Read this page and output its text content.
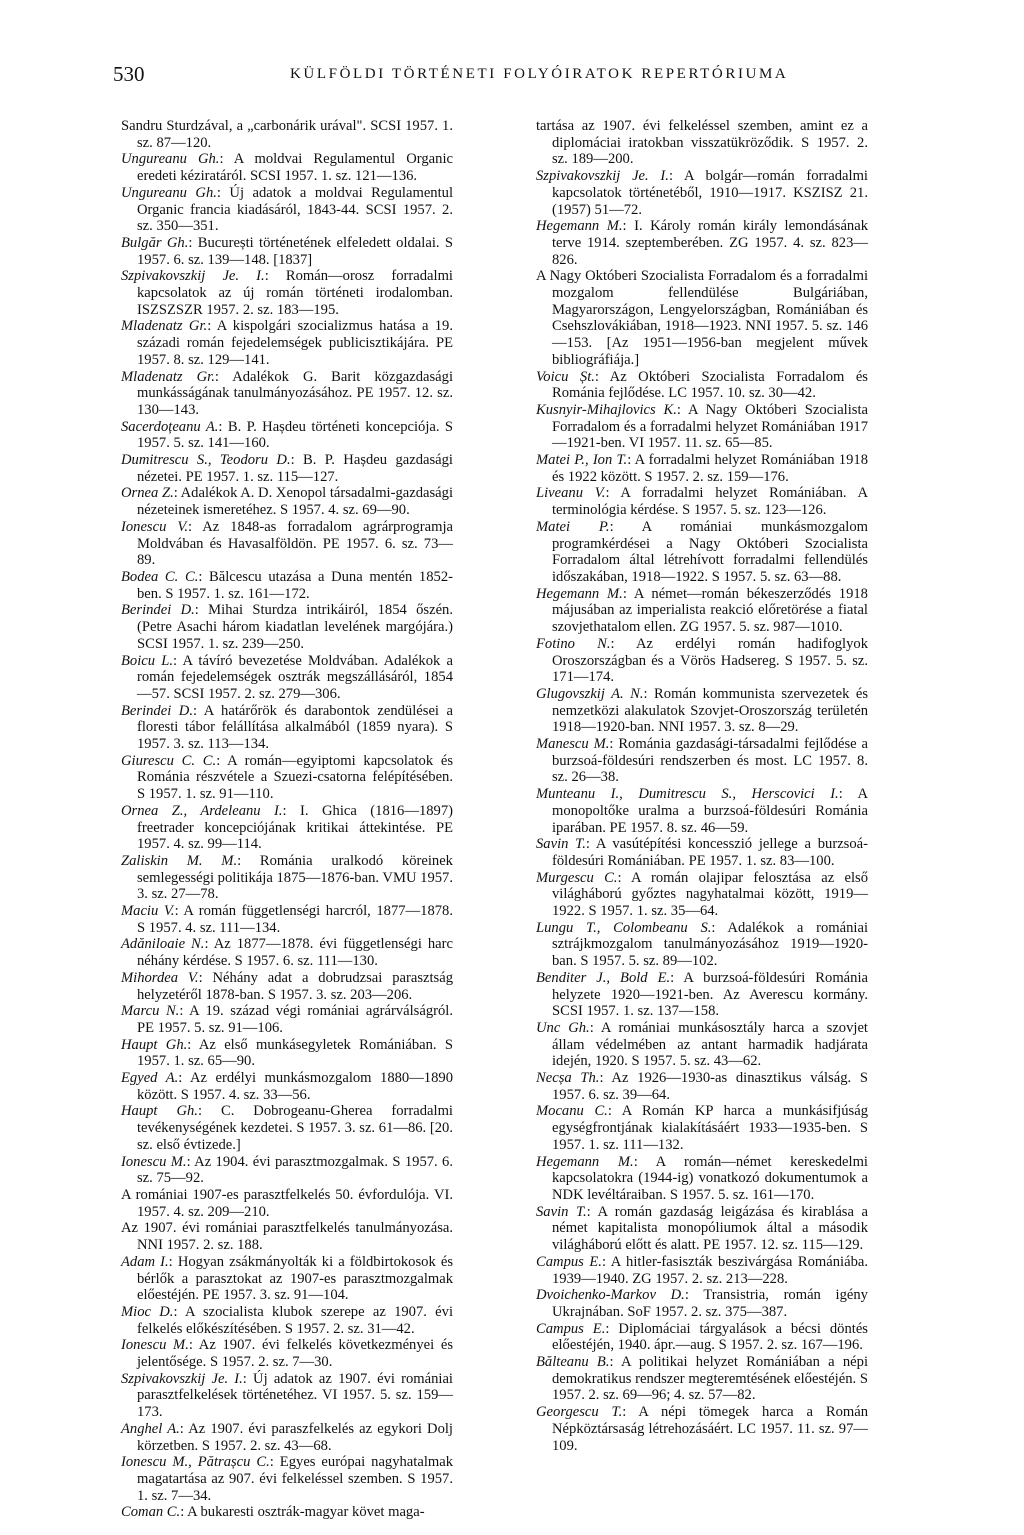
530	KÜLFÖLDI TÖRTÉNETI FOLYÓIRATOK REPERTÓRIUMA

Sandru Sturdzával, a „carbonárik urával". SCSI 1957. 1. sz. 87—120.

Ungureanu Gh.: A moldvai Regulamentul Organic eredeti kéziratáról. SCSI 1957. 1. sz. 121—136.

Ungureanu Gh.: Új adatok a moldvai Regulamentul Organic francia kiadásáról, 1843-44. SCSI 1957. 2. sz. 350—351.

Bulgăr Gh.: București történetének elfeledett oldalai. S 1957. 6. sz. 139—148. [1837]

Szpivakovszkij Je. I.: Román—orosz forradalmi kapcsolatok az új román történeti irodalomban. ISZSZSZR 1957. 2. sz. 183—195.

Mladenatz Gr.: A kispolgári szocializmus hatása a 19. századi román fejedelemségek publicisztikájára. PE 1957. 8. sz. 129—141.

Mladenatz Gr.: Adalékok G. Barit közgazdasági munkásságának tanulmányozásához. PE 1957. 12. sz. 130—143.

Sacerdoțeanu A.: B. P. Hașdeu történeti koncepciója. S 1957. 5. sz. 141—160.

Dumitrescu S., Teodoru D.: B. P. Hașdeu gazdasági nézetei. PE 1957. 1. sz. 115—127.

Ornea Z.: Adalékok A. D. Xenopol társadalmi-gazdasági nézeteinek ismeretéhez. S 1957. 4. sz. 69—90.

Ionescu V.: Az 1848-as forradalom agrárprogramja Moldvában és Havasalföldön. PE 1957. 6. sz. 73—89.

Bodea C. C.: Bălcescu utazása a Duna mentén 1852-ben. S 1957. 1. sz. 161—172.

Berindei D.: Mihai Sturdza intrikáiról, 1854 őszén. (Petre Asachi három kiadatlan levelének margójára.) SCSI 1957. 1. sz. 239—250.

Boicu L.: A távíró bevezetése Moldvában. Adalékok a román fejedelemségek osztrák megszállásáról, 1854—57. SCSI 1957. 2. sz. 279—306.

Berindei D.: A határőrök és darabontok zendülései a floresti tábor felállítása alkalmából (1859 nyara). S 1957. 3. sz. 113—134.

Giurescu C. C.: A román—egyiptomi kapcsolatok és Románia részvétele a Szuezi-csatorna felépítésében. S 1957. 1. sz. 91—110.

Ornea Z., Ardeleanu I.: I. Ghica (1816—1897) freetrader koncepciójának kritikai áttekintése. PE 1957. 4. sz. 99—114.

Zaliskin M. M.: Románia uralkodó köreinek semlegességi politikája 1875—1876-ban. VMU 1957. 3. sz. 27—78.

Maciu V.: A román függetlenségi harcról, 1877—1878. S 1957. 4. sz. 111—134.

Adăniloaie N.: Az 1877—1878. évi függetlenségi harc néhány kérdése. S 1957. 6. sz. 111—130.

Mihordea V.: Néhány adat a dobrudzsai parasztság helyzetéről 1878-ban. S 1957. 3. sz. 203—206.

Marcu N.: A 19. század végi romániai agrárválságról. PE 1957. 5. sz. 91—106.

Haupt Gh.: Az első munkásegyletek Romániában. S 1957. 1. sz. 65—90.

Egyed A.: Az erdélyi munkásmozgalom 1880—1890 között. S 1957. 4. sz. 33—56.

Haupt Gh.: C. Dobrogeanu-Gherea forradalmi tevékenységének kezdetei. S 1957. 3. sz. 61—86. [20. sz. első évtizede.]

Ionescu M.: Az 1904. évi parasztmozgalmak. S 1957. 6. sz. 75—92.

A romániai 1907-es parasztfelkelés 50. évfordulója. VI. 1957. 4. sz. 209—210.

Az 1907. évi romániai parasztfelkelés tanulmányozása. NNI 1957. 2. sz. 188.

Adam I.: Hogyan zsákmányolták ki a földbirtokosok és bérlők a parasztokat az 1907-es parasztmozgalmak előestéjén. PE 1957. 3. sz. 91—104.

Mioc D.: A szocialista klubok szerepe az 1907. évi felkelés előkészítésében. S 1957. 2. sz. 31—42.

Ionescu M.: Az 1907. évi felkelés következményei és jelentősége. S 1957. 2. sz. 7—30.

Szpivakovszkij Je. I.: Új adatok az 1907. évi romániai parasztfelkelések történetéhez. VI 1957. 5. sz. 159—173.

Anghel A.: Az 1907. évi paraszfelkelés az egykori Dolj körzetben. S 1957. 2. sz. 43—68.

Ionescu M., Pătrașcu C.: Egyes európai nagyhatalmak magatartása az 907. évi felkeléssel szemben. S 1957. 1. sz. 7—34.

Coman C.: A bukaresti osztrák-magyar követ maga-

tartása az 1907. évi felkeléssel szemben, amint ez a diplomáciai iratokban visszatükröződik. S 1957. 2. sz. 189—200.

Szpivakovszkij Je. I.: A bolgár—román forradalmi kapcsolatok történetéből, 1910—1917. KSZISZ 21. (1957) 51—72.

Hegemann M.: I. Károly román király lemondásának terve 1914. szeptemberében. ZG 1957. 4. sz. 823—826.

A Nagy Októberi Szocialista Forradalom és a forradalmi mozgalom fellendülése Bulgáriában, Magyarországon, Lengyelországban, Romániában és Csehszlovákiában, 1918—1923. NNI 1957. 5. sz. 146—153. [Az 1951—1956-ban megjelent művek bibliográfiája.]

Voicu Șt.: Az Októberi Szocialista Forradalom és Románia fejlődése. LC 1957. 10. sz. 30—42.

Kusnyir-Mihajlovics K.: A Nagy Októberi Szocialista Forradalom és a forradalmi helyzet Romániában 1917—1921-ben. VI 1957. 11. sz. 65—85.

Matei P., Ion T.: A forradalmi helyzet Romániában 1918 és 1922 között. S 1957. 2. sz. 159—176.

Liveanu V.: A forradalmi helyzet Romániában. A terminológia kérdése. S 1957. 5. sz. 123—126.

Matei P.: A romániai munkásmozgalom programkérdései a Nagy Októberi Szocialista Forradalom által létrehívott forradalmi fellendülés időszakában, 1918—1922. S 1957. 5. sz. 63—88.

Hegemann M.: A német—román békeszerződés 1918 májusában az imperialista reakció előretörése a fiatal szovjethatalom ellen. ZG 1957. 5. sz. 987—1010.

Fotino N.: Az erdélyi román hadifoglyok Oroszországban és a Vörös Hadsereg. S 1957. 5. sz. 171—174.

Glugovszkij A. N.: Román kommunista szervezetek és nemzetközi alakulatok Szovjet-Oroszország területén 1918—1920-ban. NNI 1957. 3. sz. 8—29.

Manescu M.: Románia gazdasági-társadalmi fejlődése a burzsoá-földesúri rendszerben és most. LC 1957. 8. sz. 26—38.

Munteanu I., Dumitrescu S., Herscovici I.: A monopoltőke uralma a burzsoá-földesúri Románia iparában. PE 1957. 8. sz. 46—59.

Savin T.: A vasútépítési koncesszió jellege a burzsoá-földesúri Romániában. PE 1957. 1. sz. 83—100.

Murgescu C.: A román olajipar felosztása az első világháború győztes nagyhatalmai között, 1919—1922. S 1957. 1. sz. 35—64.

Lungu T., Colombeanu S.: Adalékok a romániai sztrájkmozgalom tanulmányozásához 1919—1920-ban. S 1957. 5. sz. 89—102.

Benditer J., Bold E.: A burzsoá-földesúri Románia helyzete 1920—1921-ben. Az Averescu kormány. SCSI 1957. 1. sz. 137—158.

Unc Gh.: A romániai munkásosztály harca a szovjet állam védelmében az antant harmadik hadjárata idején, 1920. S 1957. 5. sz. 43—62.

Necșa Th.: Az 1926—1930-as dinasztikus válság. S 1957. 6. sz. 39—64.

Mocanu C.: A Román KP harca a munkásifjúság egységfrontjának kialakításáért 1933—1935-ben. S 1957. 1. sz. 111—132.

Hegemann M.: A román—német kereskedelmi kapcsolatokra (1944-ig) vonatkozó dokumentumok a NDK levéltáraiban. S 1957. 5. sz. 161—170.

Savin T.: A román gazdaság leigázása és kirablása a német kapitalista monopóliumok által a második világháború előtt és alatt. PE 1957. 12. sz. 115—129.

Campus E.: A hitler-fasiszták beszivárgása Romániába. 1939—1940. ZG 1957. 2. sz. 213—228.

Dvoichenko-Markov D.: Transistria, román igény Ukrajnában. SoF 1957. 2. sz. 375—387.

Campus E.: Diplomáciai tárgyalások a bécsi döntés előestéjén, 1940. ápr.—aug. S 1957. 2. sz. 167—196.

Bălteanu B.: A politikai helyzet Romániában a népi demokratikus rendszer megteremtésének előestéjén. S 1957. 2. sz. 69—96; 4. sz. 57—82.

Georgescu T.: A népi tömegek harca a Román Népköztársaság létrehozásáért. LC 1957. 11. sz. 97—109.
